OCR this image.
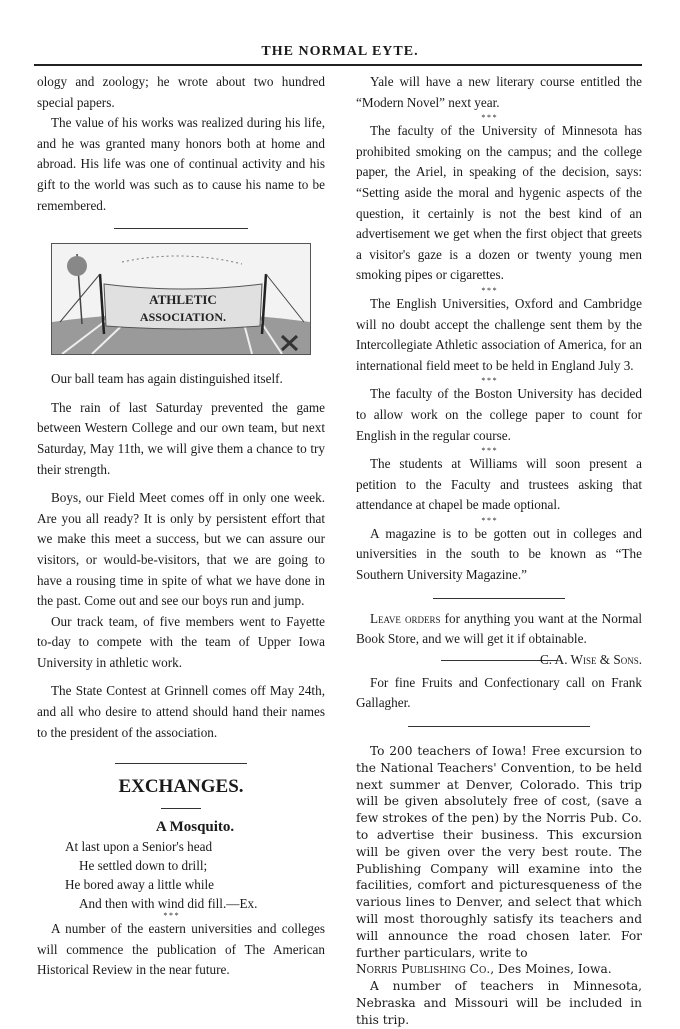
THE NORMAL EYTE.

ology and zoology; he wrote about two hundred special papers.

The value of his works was realized during his life, and he was granted many honors both at home and abroad. His life was one of continual activity and his gift to the world was such as to cause his name to be remembered.

ATHLETIC
ASSOCIATION.

Our ball team has again distinguished itself.

The rain of last Saturday prevented the game between Western College and our own team, but next Saturday, May 11th, we will give them a chance to try their strength.

Boys, our Field Meet comes off in only one week. Are you all ready? It is only by persistent effort that we make this meet a success, but we can assure our visitors, or would-be-visitors, that we are going to have a rousing time in spite of what we have done in the past. Come out and see our boys run and jump.

Our track team, of five members went to Fayette to-day to compete with the team of Upper Iowa University in athletic work.

The State Contest at Grinnell comes off May 24th, and all who desire to attend should hand their names to the president of the association.

EXCHANGES.
A Mosquito.

At last upon a Senior's head

He settled down to drill;

He bored away a little while

And then with wind did fill.—Ex.

* * *

A number of the eastern universities and colleges will commence the publication of The American Historical Review in the near future.

Yale will have a new literary course entitled the “Modern Novel” next year.

* * *

The faculty of the University of Minnesota has prohibited smoking on the campus; and the college paper, the Ariel, in speaking of the decision, says: “Setting aside the moral and hygenic aspects of the question, it certainly is not the best kind of an advertisement we get when the first object that greets a visitor's gaze is a dozen or twenty young men smoking pipes or cigarettes.

* * *

The English Universities, Oxford and Cambridge will no doubt accept the challenge sent them by the Intercollegiate Athletic association of America, for an international field meet to be held in England July 3.

* * *

The faculty of the Boston University has decided to allow work on the college paper to count for English in the regular course.

* * *

The students at Williams will soon present a petition to the Faculty and trustees asking that attendance at chapel be made optional.

* * *

A magazine is to be gotten out in colleges and universities in the south to be known as “The Southern University Magazine.”

Leave orders for anything you want at the Normal Book Store, and we will get it if obtainable.
C. A. Wise & Sons.

For fine Fruits and Confectionary call on Frank Gallagher.

To 200 teachers of Iowa! Free excursion to the National Teachers' Convention, to be held next summer at Denver, Colorado. This trip will be given absolutely free of cost, (save a few strokes of the pen) by the Norris Pub. Co. to advertise their business. This excursion will be given over the very best route. The Publishing Company will examine into the facilities, comfort and picturesqueness of the various lines to Denver, and select that which will most thoroughly satisfy its teachers and will announce the road chosen later. For further particulars, write to

Norris Publishing Co., Des Moines, Iowa.

A number of teachers in Minnesota, Nebraska and Missouri will be included in this trip.
